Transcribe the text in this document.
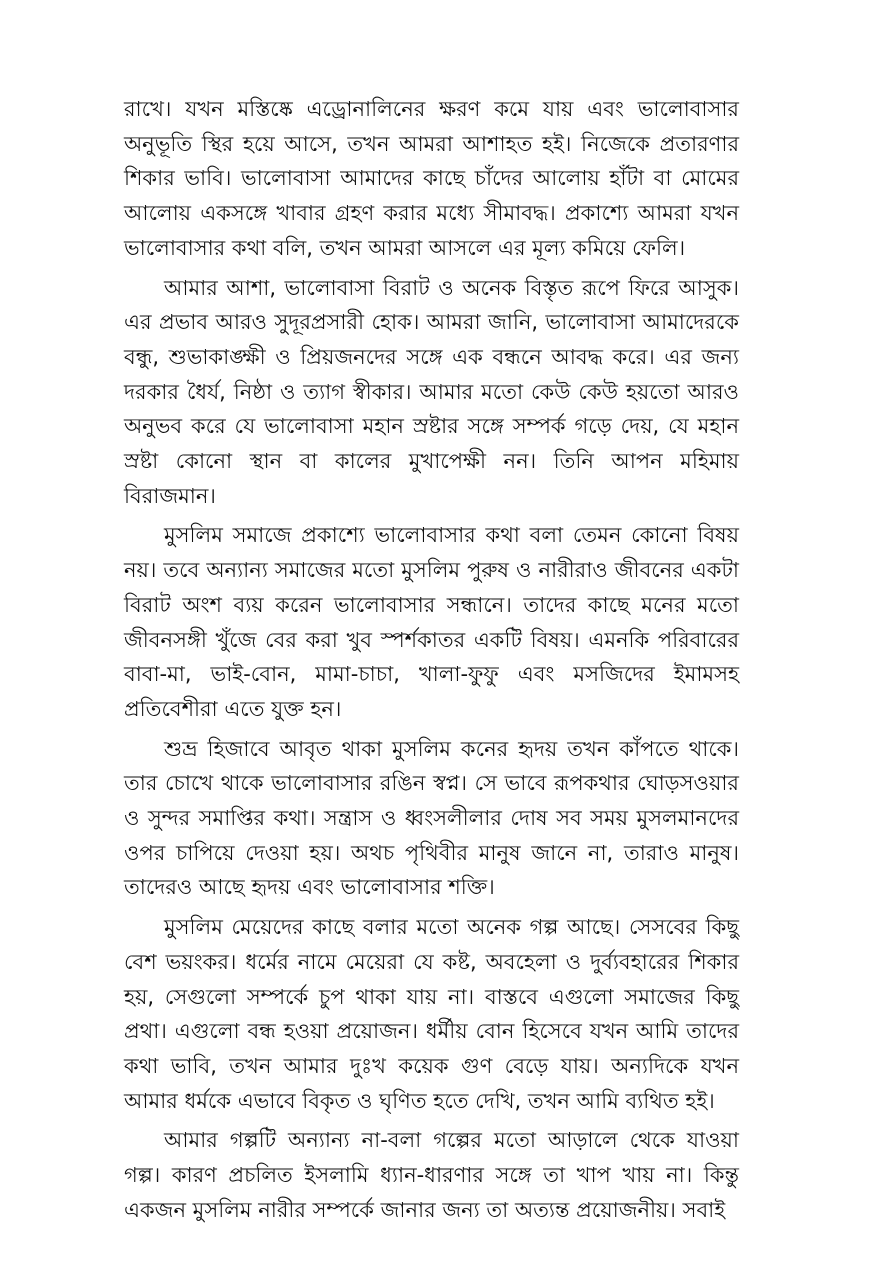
রাখে। যখন মস্তিষ্কে এড্রোনালিনের ক্ষরণ কমে যায় এবং ভালোবাসার অনুভূতি স্থির হয়ে আসে, তখন আমরা আশাহত হই। নিজেকে প্রতারণার শিকার ভাবি। ভালোবাসা আমাদের কাছে চাঁদের আলোয় হাঁটা বা মোমের আলোয় একসঙ্গে খাবার গ্রহণ করার মধ্যে সীমাবদ্ধ। প্রকাশ্যে আমরা যখন ভালোবাসার কথা বলি, তখন আমরা আসলে এর মূল্য কমিয়ে ফেলি।

আমার আশা, ভালোবাসা বিরাট ও অনেক বিস্তৃত রূপে ফিরে আসুক। এর প্রভাব আরও সুদূরপ্রসারী হোক। আমরা জানি, ভালোবাসা আমাদেরকে বন্ধু, শুভাকাঙ্ক্ষী ও প্রিয়জনদের সঙ্গে এক বন্ধনে আবদ্ধ করে। এর জন্য দরকার ধৈর্য, নিষ্ঠা ও ত্যাগ স্বীকার। আমার মতো কেউ কেউ হয়তো আরও অনুভব করে যে ভালোবাসা মহান স্রষ্টার সঙ্গে সম্পর্ক গড়ে দেয়, যে মহান স্রষ্টা কোনো স্থান বা কালের মুখাপেক্ষী নন। তিনি আপন মহিমায় বিরাজমান।

মুসলিম সমাজে প্রকাশ্যে ভালোবাসার কথা বলা তেমন কোনো বিষয় নয়। তবে অন্যান্য সমাজের মতো মুসলিম পুরুষ ও নারীরাও জীবনের একটা বিরাট অংশ ব্যয় করেন ভালোবাসার সন্ধানে। তাদের কাছে মনের মতো জীবনসঙ্গী খুঁজে বের করা খুব স্পর্শকাতর একটি বিষয়। এমনকি পরিবারের বাবা-মা, ভাই-বোন, মামা-চাচা, খালা-ফুফু এবং মসজিদের ইমামসহ প্রতিবেশীরা এতে যুক্ত হন।

শুভ্র হিজাবে আবৃত থাকা মুসলিম কনের হৃদয় তখন কাঁপতে থাকে। তার চোখে থাকে ভালোবাসার রঙিন স্বপ্ন। সে ভাবে রূপকথার ঘোড়সওয়ার ও সুন্দর সমাপ্তির কথা। সন্ত্রাস ও ধ্বংসলীলার দোষ সব সময় মুসলমানদের ওপর চাপিয়ে দেওয়া হয়। অথচ পৃথিবীর মানুষ জানে না, তারাও মানুষ। তাদেরও আছে হৃদয় এবং ভালোবাসার শক্তি।

মুসলিম মেয়েদের কাছে বলার মতো অনেক গল্প আছে। সেসবের কিছু বেশ ভয়ংকর। ধর্মের নামে মেয়েরা যে কষ্ট, অবহেলা ও দুর্ব্যবহারের শিকার হয়, সেগুলো সম্পর্কে চুপ থাকা যায় না। বাস্তবে এগুলো সমাজের কিছু প্রথা। এগুলো বন্ধ হওয়া প্রয়োজন। ধর্মীয় বোন হিসেবে যখন আমি তাদের কথা ভাবি, তখন আমার দুঃখ কয়েক গুণ বেড়ে যায়। অন্যদিকে যখন আমার ধর্মকে এভাবে বিকৃত ও ঘৃণিত হতে দেখি, তখন আমি ব্যথিত হই।

আমার গল্পটি অন্যান্য না-বলা গল্পের মতো আড়ালে থেকে যাওয়া গল্প। কারণ প্রচলিত ইসলামি ধ্যান-ধারণার সঙ্গে তা খাপ খায় না। কিন্তু একজন মুসলিম নারীর সম্পর্কে জানার জন্য তা অত্যন্ত প্রয়োজনীয়। সবাই
